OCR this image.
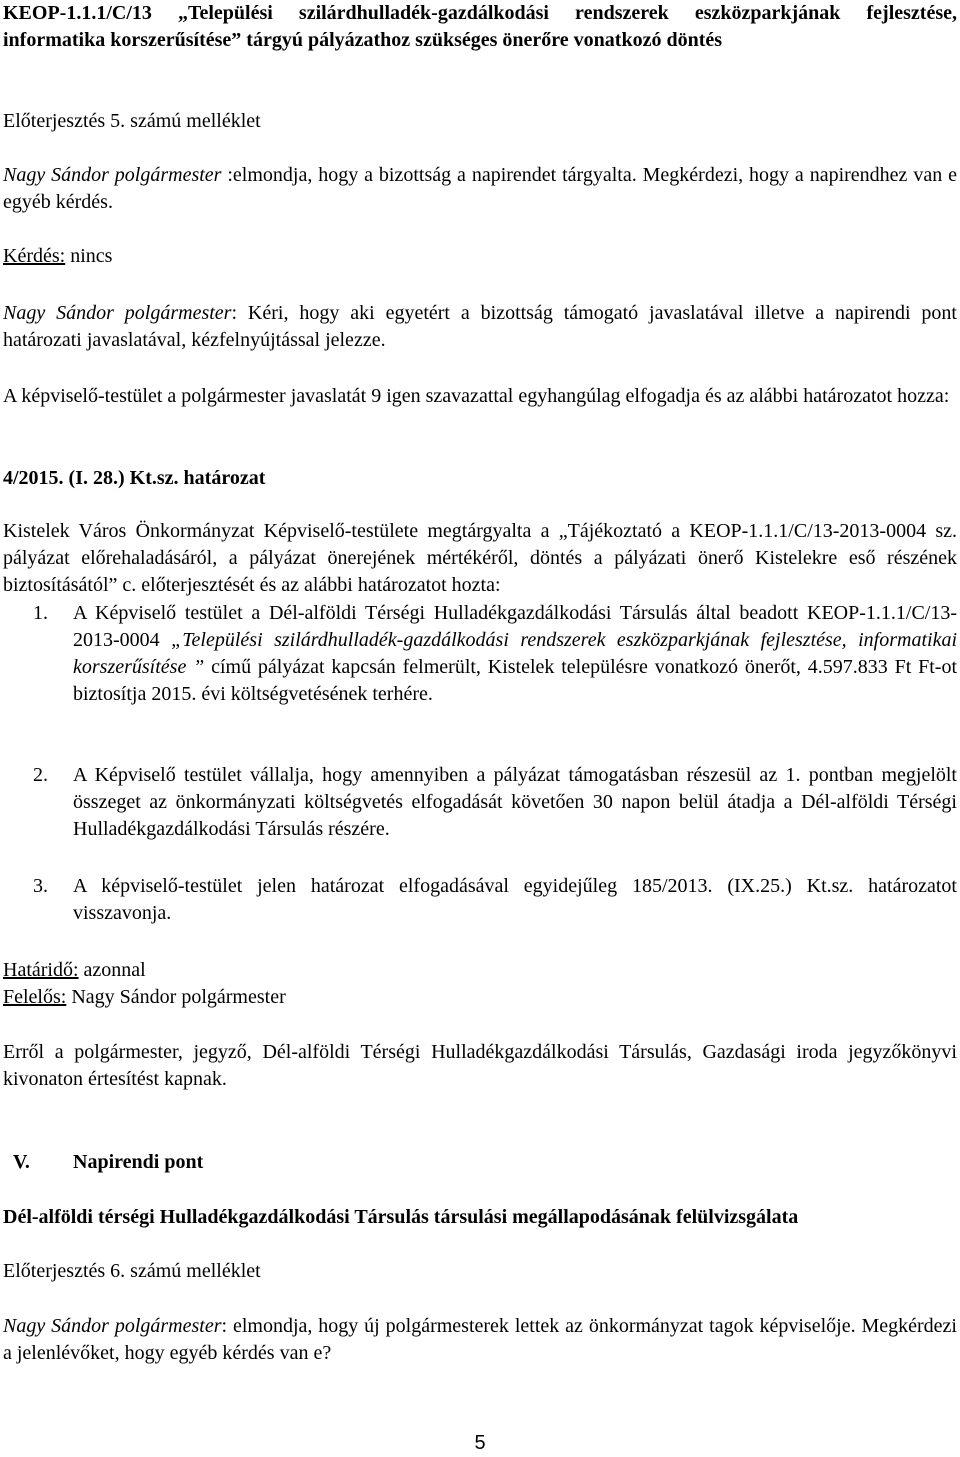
KEOP-1.1.1/C/13 „Települési szilárdhulladék-gazdálkodási rendszerek eszközparkjának fejlesztése, informatika korszerűsítése” tárgyú pályázathoz szükséges önerőre vonatkozó döntés

Előterjesztés 5. számú melléklet

Nagy Sándor polgármester :elmondja, hogy a bizottság a napirendet tárgyalta. Megkérdezi, hogy a napirendhez van e egyéb kérdés.

Kérdés: nincs

Nagy Sándor polgármester: Kéri, hogy aki egyetért a bizottság támogató javaslatával illetve a napirendi pont határozati javaslatával, kézfelnyújtással jelezze.

A képviselő-testület a polgármester javaslatát 9 igen szavazattal egyhangúlag elfogadja és az alábbi határozatot hozza:

4/2015. (I. 28.) Kt.sz. határozat

Kistelek Város Önkormányzat Képviselő-testülete megtárgyalta a „Tájékoztató a KEOP-1.1.1/C/13-2013-0004 sz. pályázat előrehaladásáról, a pályázat önerejének mértékéről, döntés a pályázati önerő Kistelekre eső részének biztosításától” c. előterjesztését és az alábbi határozatot hozta:

1.	A Képviselő testület a Dél-alföldi Térségi Hulladékgazdálkodási Társulás által beadott KEOP-1.1.1/C/13-2013-0004 „Települési szilárdhulladék-gazdálkodási rendszerek eszközparkjának fejlesztése, informatikai korszerűsítése ” című pályázat kapcsán felmerült, Kistelek településre vonatkozó önerőt, 4.597.833 Ft Ft-ot biztosítja 2015. évi költségvetésének terhére.

2.	A Képviselő testület vállalja, hogy amennyiben a pályázat támogatásban részesül az 1. pontban megjelölt összeget az önkormányzati költségvetés elfogadását követően 30 napon belül átadja a Dél-alföldi Térségi Hulladékgazdálkodási Társulás részére.

3.	A képviselő-testület jelen határozat elfogadásával egyidejűleg 185/2013. (IX.25.) Kt.sz. határozatot visszavonja.

Határidő: azonnal

Felelős: Nagy Sándor polgármester

Erről a polgármester, jegyző, Dél-alföldi Térségi Hulladékgazdálkodási Társulás, Gazdasági iroda jegyzőkönyvi kivonaton értesítést kapnak.

V. Napirendi pont

Dél-alföldi térségi Hulladékgazdálkodási Társulás társulási megállapodásának felülvizsgálata

Előterjesztés 6. számú melléklet

Nagy Sándor polgármester: elmondja, hogy új polgármesterek lettek az önkormányzat tagok képviselője. Megkérdezi a jelenlévőket, hogy egyéb kérdés van e?

5
